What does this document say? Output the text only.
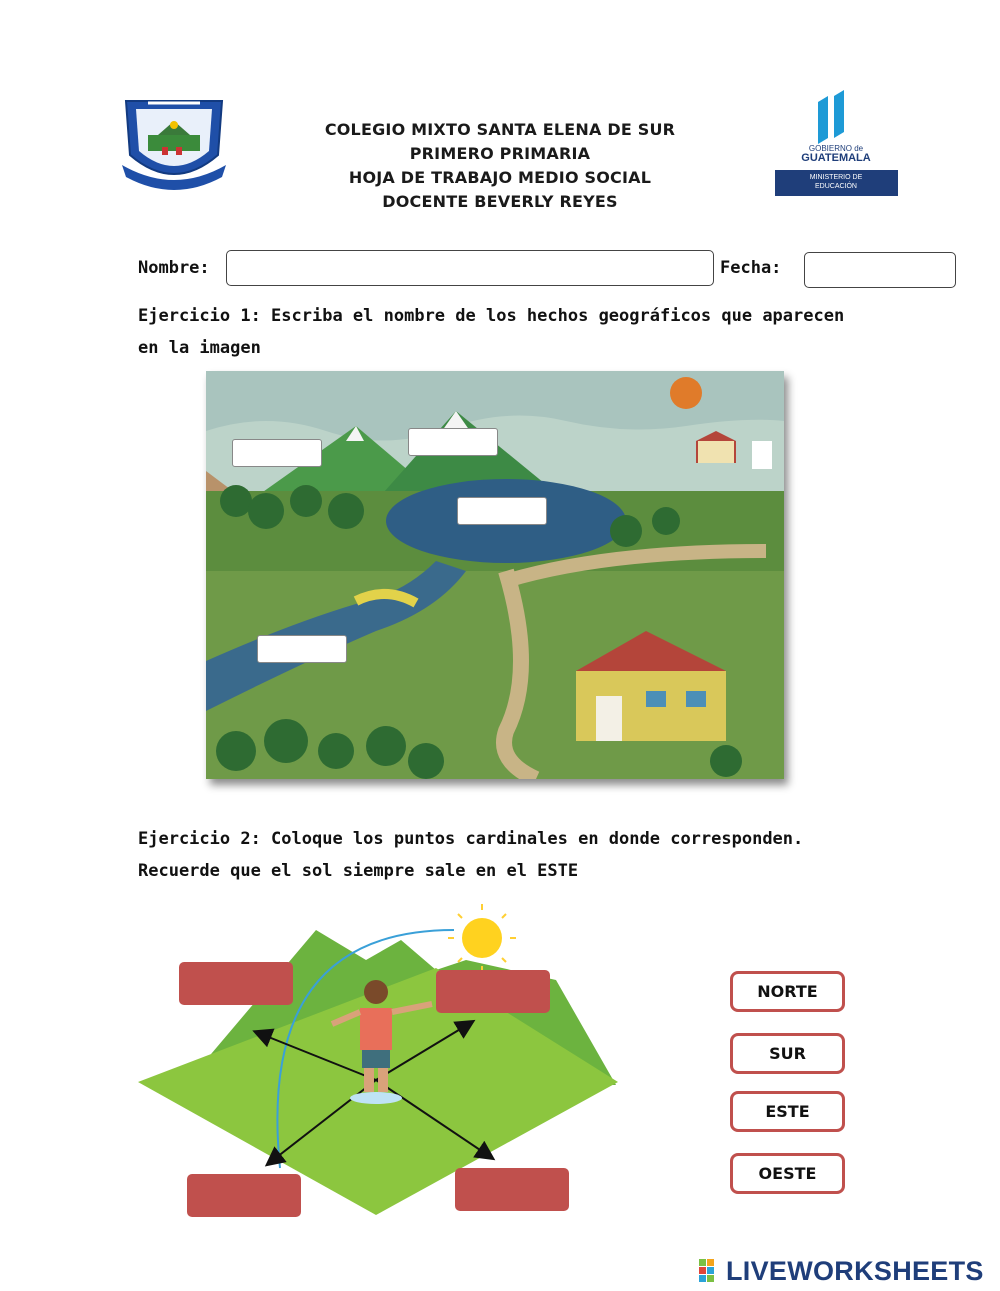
COLEGIO MIXTO SANTA ELENA DE SUR
PRIMERO PRIMARIA
HOJA DE TRABAJO MEDIO SOCIAL
DOCENTE BEVERLY REYES
GOBIERNO de
GUATEMALA
MINISTERIO DE
EDUCACIÓN
Nombre:	Fecha:
Ejercicio 1: Escriba el nombre de los hechos geográficos que aparecen en la imagen
Ejercicio 2: Coloque los puntos cardinales en donde corresponden.
Recuerde que el sol siempre sale en el ESTE
NORTE
SUR
ESTE
OESTE
LIVEWORKSHEETS
